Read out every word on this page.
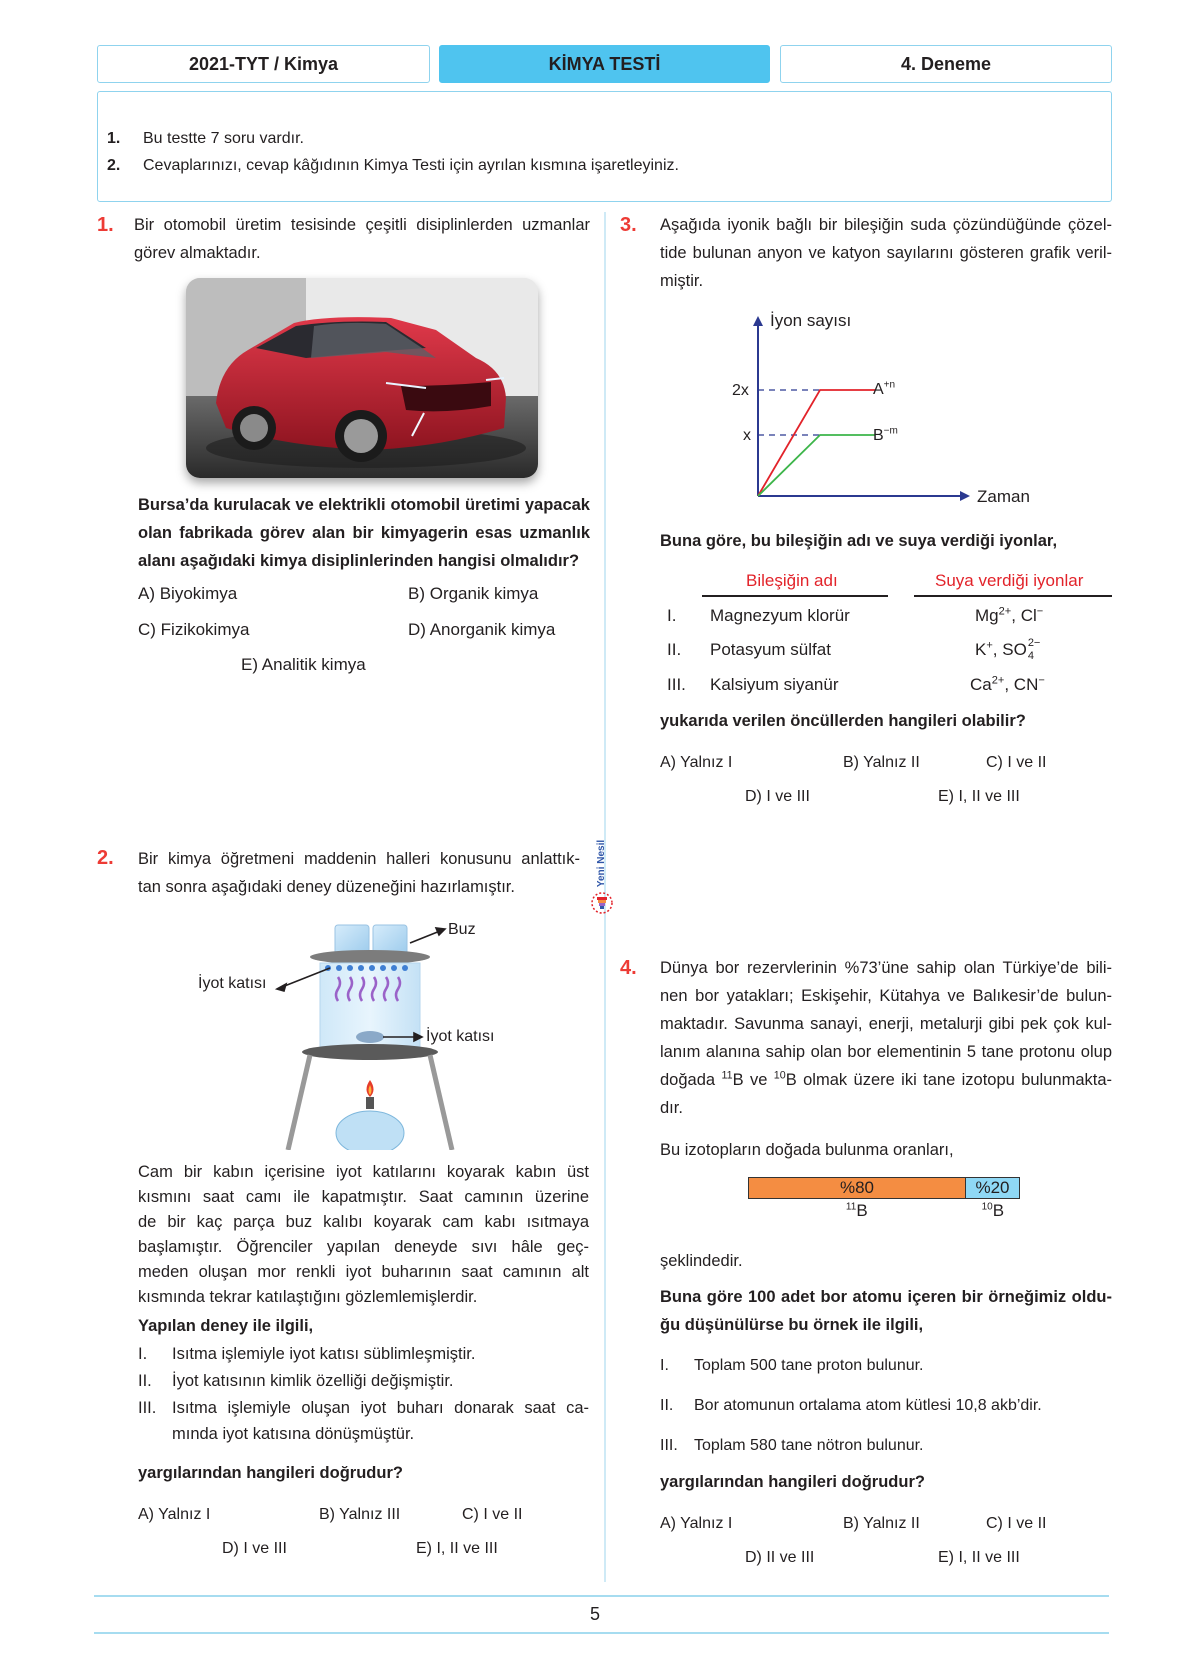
2021-TYT / Kimya	KİMYA TESTİ	4. Deneme
1. Bu testte 7 soru vardır.
2. Cevaplarınızı, cevap kâğıdının Kimya Testi için ayrılan kısmına işaretleyiniz.
1. Bir otomobil üretim tesisinde çeşitli disiplinlerden uzmanlar
görev almaktadır.
Bursa’da kurulacak ve elektrikli otomobil üretimi yapacak
olan fabrikada görev alan bir kimyagerin esas uzmanlık
alanı aşağıdaki kimya disiplinlerinden hangisi olmalıdır?
A) Biyokimya	B) Organik kimya
C) Fizikokimya	D) Anorganik kimya
E) Analitik kimya
2. Bir kimya öğretmeni maddenin halleri konusunu anlattık-
tan sonra aşağıdaki deney düzeneğini hazırlamıştır.
Buz
İyot katısı
İyot katısı
Cam bir kabın içerisine iyot katılarını koyarak kabın üst
kısmını saat camı ile kapatmıştır. Saat camının üzerine
de bir kaç parça buz kalıbı koyarak cam kabı ısıtmaya
başlamıştır. Öğrenciler yapılan deneyde sıvı hâle geç-
meden oluşan mor renkli iyot buharının saat camının alt
kısmında tekrar katılaştığını gözlemlemişlerdir.
Yapılan deney ile ilgili,
I.	Isıtma işlemiyle iyot katısı süblimleşmiştir.
II.	İyot katısının kimlik özelliği değişmiştir.
III. Isıtma işlemiyle oluşan iyot buharı donarak saat ca-
mında iyot katısına dönüşmüştür.
yargılarından hangileri doğrudur?
A) Yalnız I	B) Yalnız III	C) I ve II
D) I ve III	E) I, II ve III
Yeni Nesil
3. Aşağıda iyonik bağlı bir bileşiğin suda çözündüğünde çözel-
tide bulunan anyon ve katyon sayılarını gösteren grafik veril-
miştir.
İyon sayısı
Zaman
2x
x
$A^{+n}$
$B^{-m}$
Buna göre, bu bileşiğin adı ve suya verdiği iyonlar,
Bileşiğin adı	Suya verdiği iyonlar
I. Magnezyum klorür	$Mg^{2+}$, Cl−
II. Potasyum sülfat	K+, SO 2−
4
III. Kalsiyum siyanür	$Ca^{2+}$, CN−
yukarıda verilen öncüllerden hangileri olabilir?
A) Yalnız I	B) Yalnız II	C) I ve II
D) I ve III	E) I, II ve III
4. Dünya bor rezervlerinin %73’üne sahip olan Türkiye’de bili-
nen bor yatakları; Eskişehir, Kütahya ve Balıkesir’de bulun-
maktadır. Savunma sanayi, enerji, metalurji gibi pek çok kul-
lanım alanına sahip olan bor elementinin 5 tane protonu olup
doğada $^{11}$B ve $^{10}$B olmak üzere iki tane izotopu bulunmakta-
dır.
Bu izotopların doğada bulunma oranları,
%80	%20
$^{11}$B	$^{10}$B
şeklindedir.
Buna göre 100 adet bor atomu içeren bir örneğimiz oldu-
ğu düşünülürse bu örnek ile ilgili,
I. Toplam 500 tane proton bulunur.
II. Bor atomunun ortalama atom kütlesi 10,8 akb’dir.
III. Toplam 580 tane nötron bulunur.
yargılarından hangileri doğrudur?
A) Yalnız I	B) Yalnız II	C) I ve II
D) II ve III	E) I, II ve III
5
